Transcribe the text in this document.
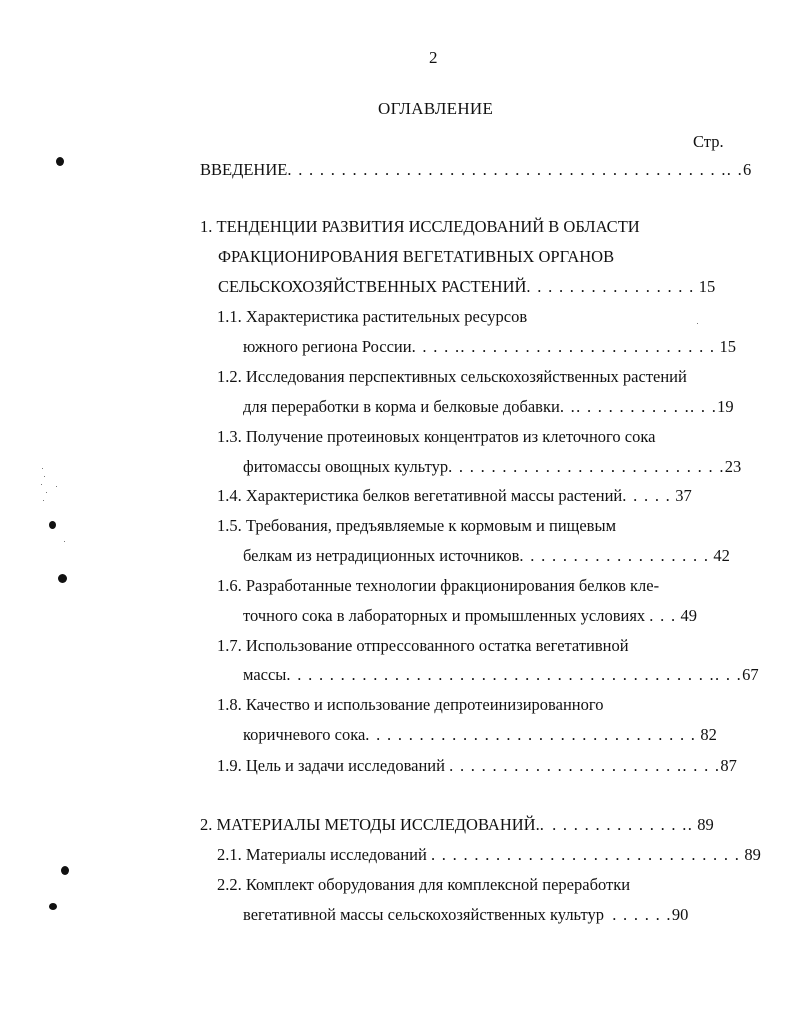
2
ОГЛАВЛЕНИЕ
Стр.
ВВЕДЕНИЕ. . . . . . . . . . . . . . . . . . . . . . . . . . . . . . . . . . . . . . . . .. .6
1. ТЕНДЕНЦИИ РАЗВИТИЯ ИССЛЕДОВАНИЙ В ОБЛАСТИ
ФРАКЦИОНИРОВАНИЯ ВЕГЕТАТИВНЫХ ОРГАНОВ
СЕЛЬСКОХОЗЯЙСТВЕННЫХ РАСТЕНИЙ. . . . . . . . . . . . . . . . 15
1.1. Характеристика растительных ресурсов
южного региона России. . . . .. . . . . . . . . . . . . . . . . . . . . . . . 15
1.2. Исследования перспективных сельскохозяйственных растений
для переработки в корма и белковые добавки. .. . . . . . . . . . .. . .19
1.3. Получение протеиновых концентратов из клеточного сока
фитомассы овощных культур. . . . . . . . . . . . . . . . . . . . . . . . . .23
1.4. Характеристика белков вегетативной массы растений. . . . . 37
1.5. Требования, предъявляемые к кормовым и пищевым
белкам из нетрадиционных источников. . . . . . . . . . . . . . . . . . 42
1.6. Разработанные технологии фракционирования белков кле-
точного сока в лабораторных и промышленных условиях . . . 49
1.7. Использование отпрессованного остатка вегетативной
массы. . . . . . . . . . . . . . . . . . . . . . . . . . . . . . . . . . . . . . . .. . .67
1.8. Качество и использование депротеинизированного
коричневого сока. . . . . . . . . . . . . . . . . . . . . . . . . . . . . . . 82
1.9. Цель и задачи исследований . . . . . . . . . . . . . . . . . . . . . .. . . .87
2. МАТЕРИАЛЫ МЕТОДЫ ИССЛЕДОВАНИЙ.. . . . . . . . . . . . . .. 89
2.1. Материалы исследований . . . . . . . . . . . . . . . . . . . . . . . . . . . . . 89
2.2. Комплект оборудования для комплексной переработки
вегетативной массы сельскохозяйственных культур . . . . . .90
